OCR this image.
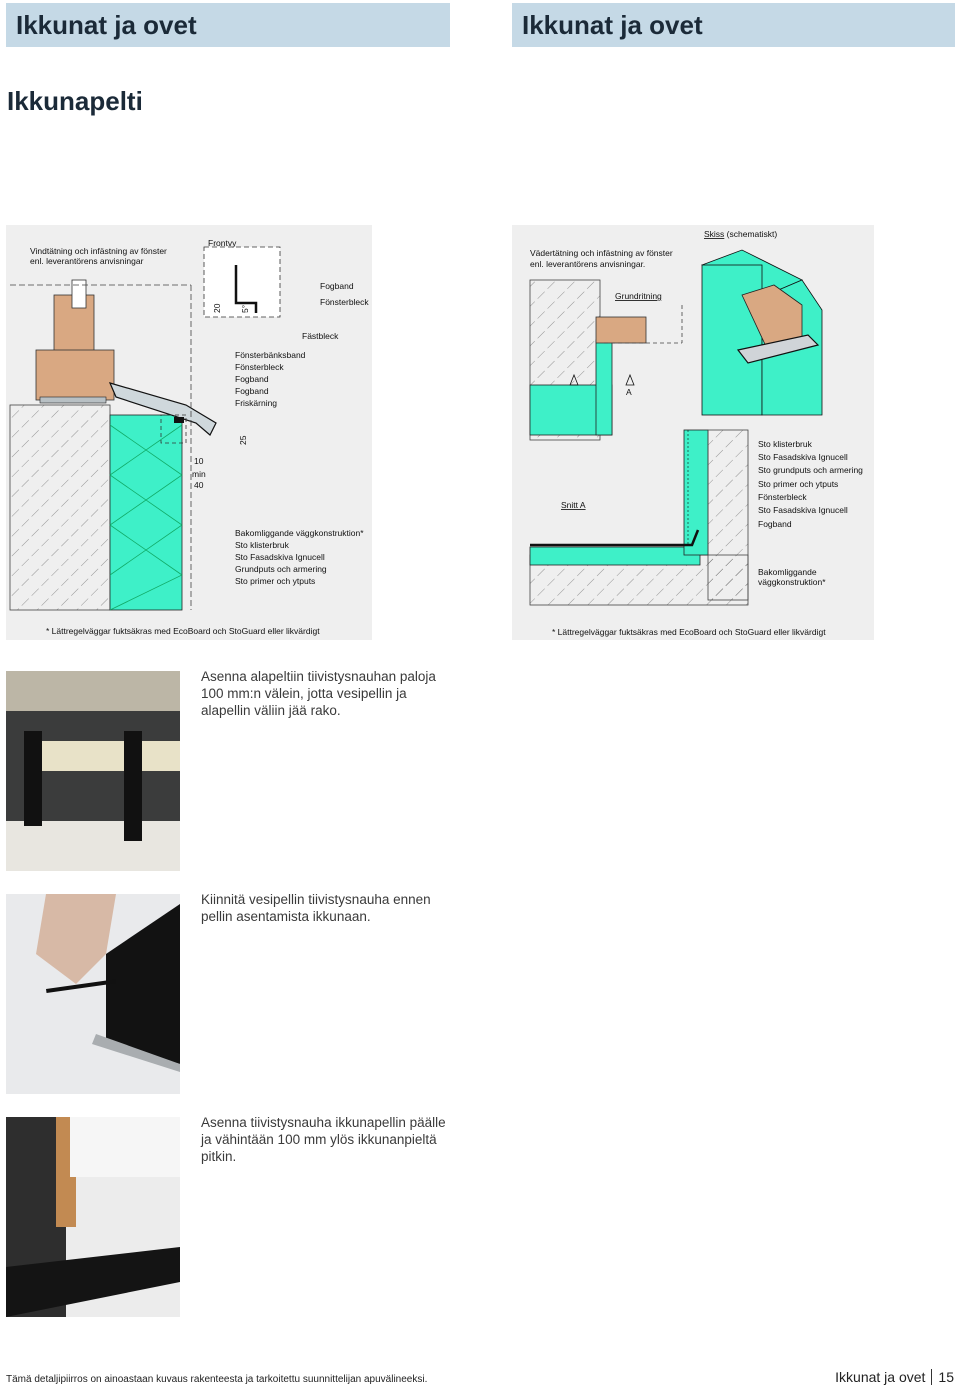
Ikkunat ja ovet	Ikkunat ja ovet
Ikkunapelti
Vindtätning och infästning av fönster
enl. leverantörens anvisningar
Frontvy
20 5°
Fogband
Fönsterbleck
Fästbleck
Fönsterbänksband
Fönsterbleck
Fogband
Fogband
Friskärning
25
10
min
40
Bakomliggande väggkonstruktion*
Sto klisterbruk
Sto Fasadskiva Ignucell
Grundputs och armering
Sto primer och ytputs
* Lättregelväggar fuktsäkras med EcoBoard och StoGuard eller likvärdigt
Vädertätning och infästning av fönster
enl. leverantörens anvisningar.
Skiss (schematiskt)
Grundritning
A
Snitt A
Sto klisterbruk
Sto Fasadskiva Ignucell
Sto grundputs och armering
Sto primer och ytputs
Fönsterbleck
Sto Fasadskiva Ignucell
Fogband
Bakomliggande
väggkonstruktion*
* Lättregelväggar fuktsäkras med EcoBoard och StoGuard eller likvärdigt
Asenna alapeltiin tiivistysnauhan paloja 100 mm:n välein, jotta vesipellin ja alapellin väliin jää rako.
Kiinnitä vesipellin tiivistysnauha ennen pellin asentamista ikkunaan.
Asenna tiivistysnauha ikkunapellin päälle ja vähintään 100 mm ylös ikkunanpieltä pitkin.
Tämä detaljipiirros on ainoastaan kuvaus rakenteesta ja tarkoitettu suunnittelijan apuvälineeksi.	Ikkunat ja ovet 15
